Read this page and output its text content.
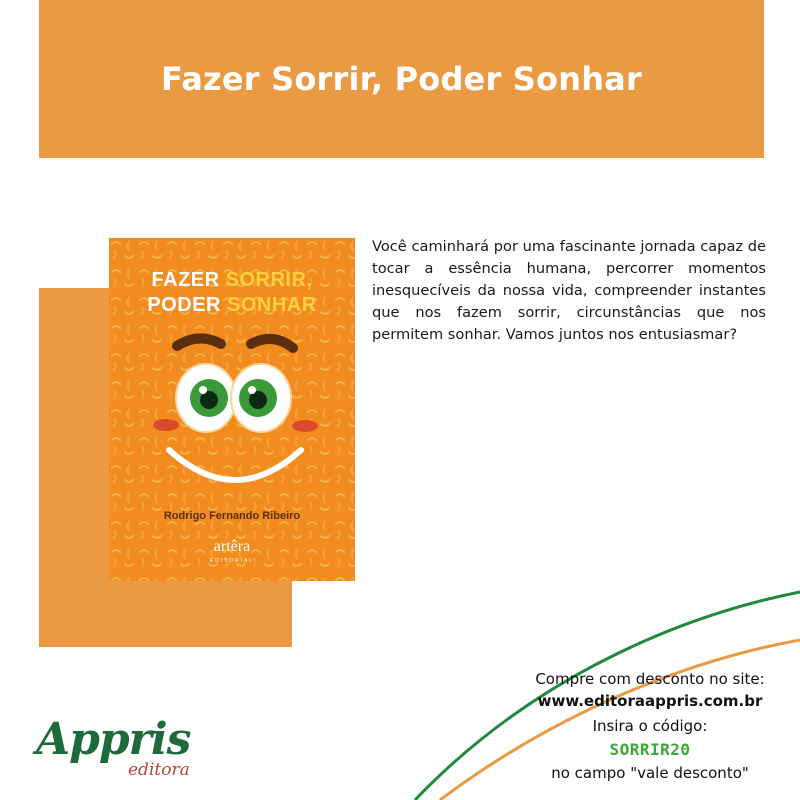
Fazer Sorrir, Poder Sonhar
FAZER SORRIR,
PODER SONHAR
Rodrigo Fernando Ribeiro
artêra
EDITORIAL

Você caminhará por uma fascinante jornada capaz de tocar a essência humana, percorrer momentos inesquecíveis da nossa vida, compreender instantes que nos fazem sorrir, circunstâncias que nos permitem sonhar. Vamos juntos nos entusiasmar?

Compre com desconto no site:
www.editoraappris.com.br
Insira o código:
SORRIR20
no campo "vale desconto"
Appris
editora
